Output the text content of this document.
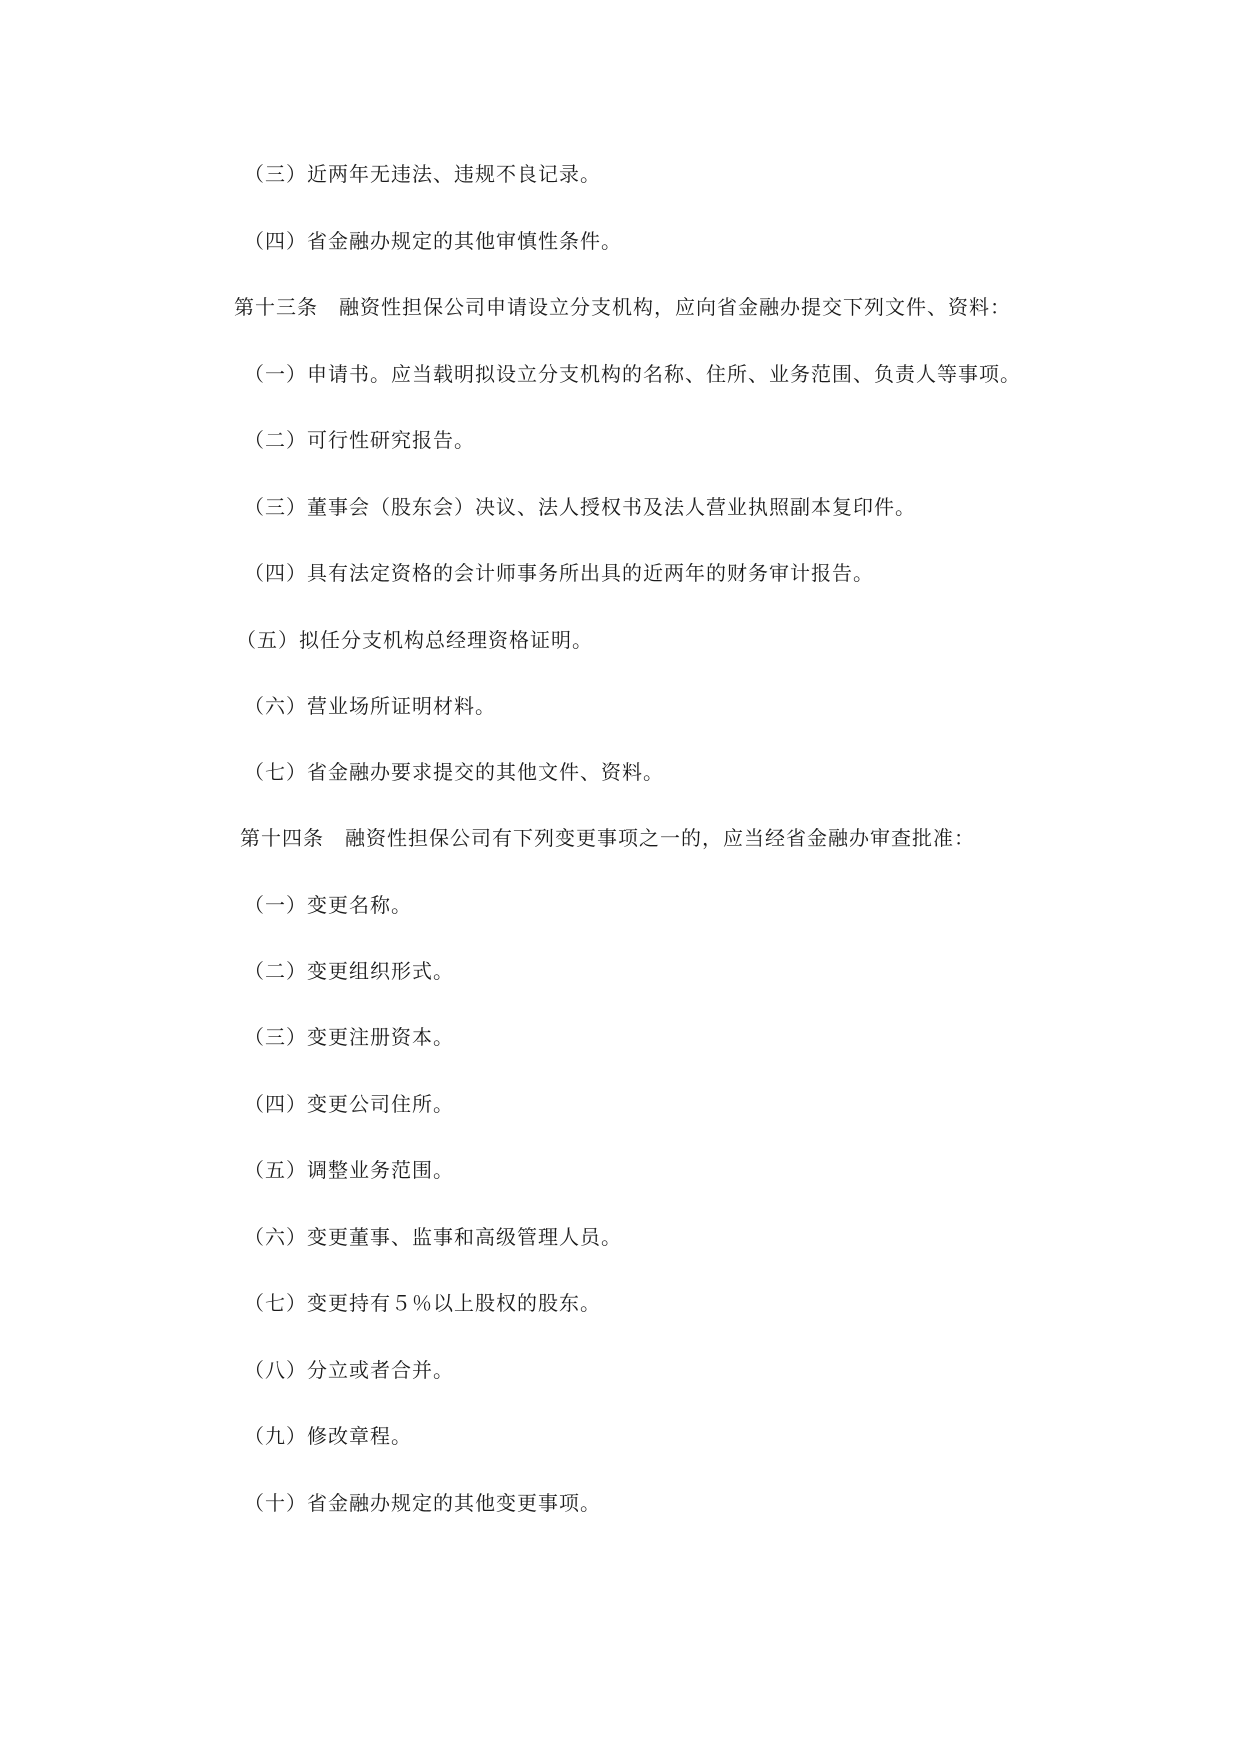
（三）近两年无违法、违规不良记录。
（四）省金融办规定的其他审慎性条件。
第十三条　融资性担保公司申请设立分支机构，应向省金融办提交下列文件、资料：
（一）申请书。应当载明拟设立分支机构的名称、住所、业务范围、负责人等事项。
（二）可行性研究报告。
（三）董事会（股东会）决议、法人授权书及法人营业执照副本复印件。
（四）具有法定资格的会计师事务所出具的近两年的财务审计报告。
（五）拟任分支机构总经理资格证明。
（六）营业场所证明材料。
（七）省金融办要求提交的其他文件、资料。
第十四条　融资性担保公司有下列变更事项之一的，应当经省金融办审查批准：
（一）变更名称。
（二）变更组织形式。
（三）变更注册资本。
（四）变更公司住所。
（五）调整业务范围。
（六）变更董事、监事和高级管理人员。
（七）变更持有５％以上股权的股东。
（八）分立或者合并。
（九）修改章程。
（十）省金融办规定的其他变更事项。
